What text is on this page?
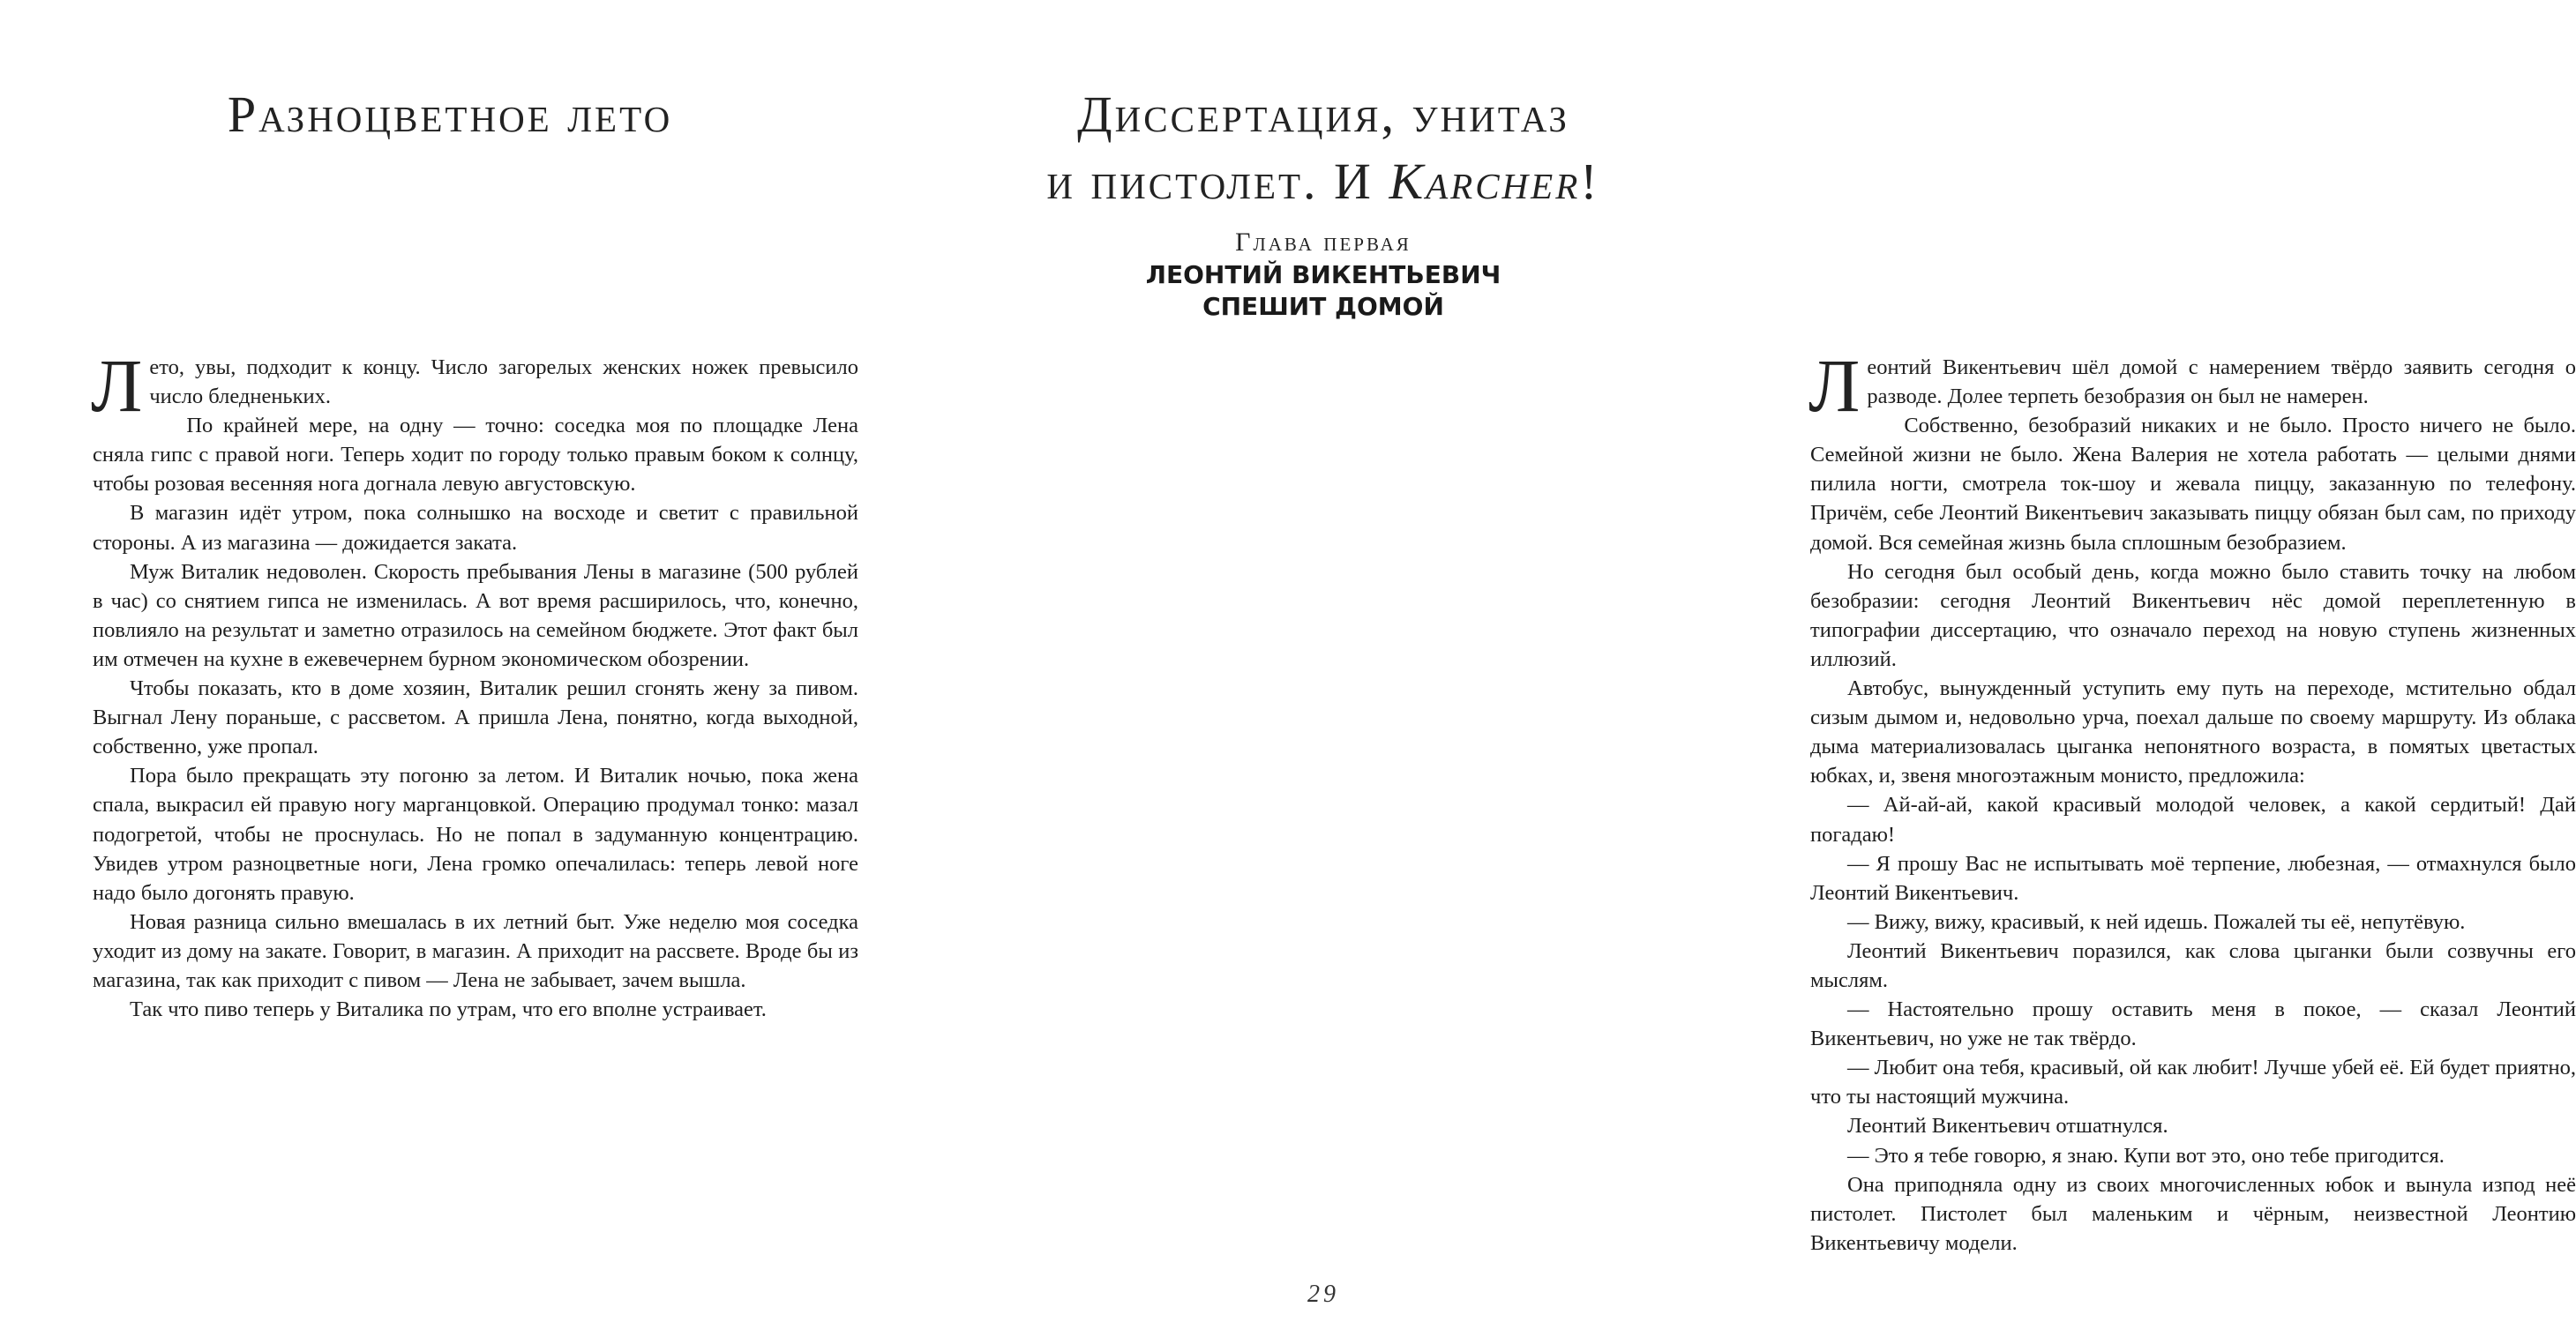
Разноцветное лето

Лето, увы, подходит к концу. Число загорелых женских ножек превысило число бледненьких.

По крайней мере, на одну — точно: соседка моя по площадке Лена сняла гипс с правой ноги. Теперь ходит по городу только правым боком к солнцу, чтобы розовая весенняя нога догнала левую августовскую.

В магазин идёт утром, пока солнышко на восходе и светит с правильной стороны. А из магазина — дожидается заката.

Муж Виталик недоволен. Скорость пребывания Лены в магазине (500 рублей в час) со снятием гипса не изменилась. А вот время расширилось, что, конечно, повлияло на результат и заметно отразилось на семейном бюджете. Этот факт был им отмечен на кухне в ежевечернем бурном экономическом обозрении.

Чтобы показать, кто в доме хозяин, Виталик решил сгонять жену за пивом. Выгнал Лену пораньше, с рассветом. А пришла Лена, понятно, когда выходной, собственно, уже пропал.

Пора было прекращать эту погоню за летом. И Виталик ночью, пока жена спала, выкрасил ей правую ногу марганцовкой. Операцию продумал тонко: мазал подогретой, чтобы не проснулась. Но не попал в задуманную концентрацию. Увидев утром разноцветные ноги, Лена громко опечалилась: теперь левой ноге надо было догонять правую.

Новая разница сильно вмешалась в их летний быт. Уже неделю моя соседка уходит из дому на закате. Говорит, в магазин. А приходит на рассвете. Вроде бы из магазина, так как приходит с пивом — Лена не забывает, зачем вышла.

Так что пиво теперь у Виталика по утрам, что его вполне устраивает.

Диссертация, унитаз
и пистолет. И Karcher!

Глава первая

ЛЕОНТИЙ ВИКЕНТЬЕВИЧ
СПЕШИТ ДОМОЙ

Леонтий Викентьевич шёл домой с намерением твёрдо заявить сегодня о разводе. Долее терпеть безобразия он был не намерен.

Собственно, безобразий никаких и не было. Просто ничего не было. Семейной жизни не было. Жена Валерия не хотела работать — целыми днями пилила ногти, смотрела ток-шоу и жевала пиццу, заказанную по телефону. Причём, себе Леонтий Викентьевич заказывать пиццу обязан был сам, по приходу домой. Вся семейная жизнь была сплошным безобразием.

Но сегодня был особый день, когда можно было ставить точку на любом безобразии: сегодня Леонтий Викентьевич нёс домой переплетенную в типографии диссертацию, что означало переход на новую ступень жизненных иллюзий.

Автобус, вынужденный уступить ему путь на переходе, мстительно обдал сизым дымом и, недовольно урча, поехал дальше по своему маршруту. Из облака дыма материализовалась цыганка непонятного возраста, в помятых цветастых юбках, и, звеня многоэтажным монисто, предложила:

— Ай-ай-ай, какой красивый молодой человек, а какой сердитый! Дай погадаю!

— Я прошу Вас не испытывать моё терпение, любезная, — отмахнулся было Леонтий Викентьевич.

— Вижу, вижу, красивый, к ней идешь. Пожалей ты её, непутёвую.

Леонтий Викентьевич поразился, как слова цыганки были созвучны его мыслям.

— Настоятельно прошу оставить меня в покое, — сказал Леонтий Викентьевич, но уже не так твёрдо.

— Любит она тебя, красивый, ой как любит! Лучше убей её. Ей будет приятно, что ты настоящий мужчина.

Леонтий Викентьевич отшатнулся.

— Это я тебе говорю, я знаю. Купи вот это, оно тебе пригодится.

Она приподняла одну из своих многочисленных юбок и вынула изпод неё пистолет. Пистолет был маленьким и чёрным, неизвестной Леонтию Викентьевичу модели.

29
